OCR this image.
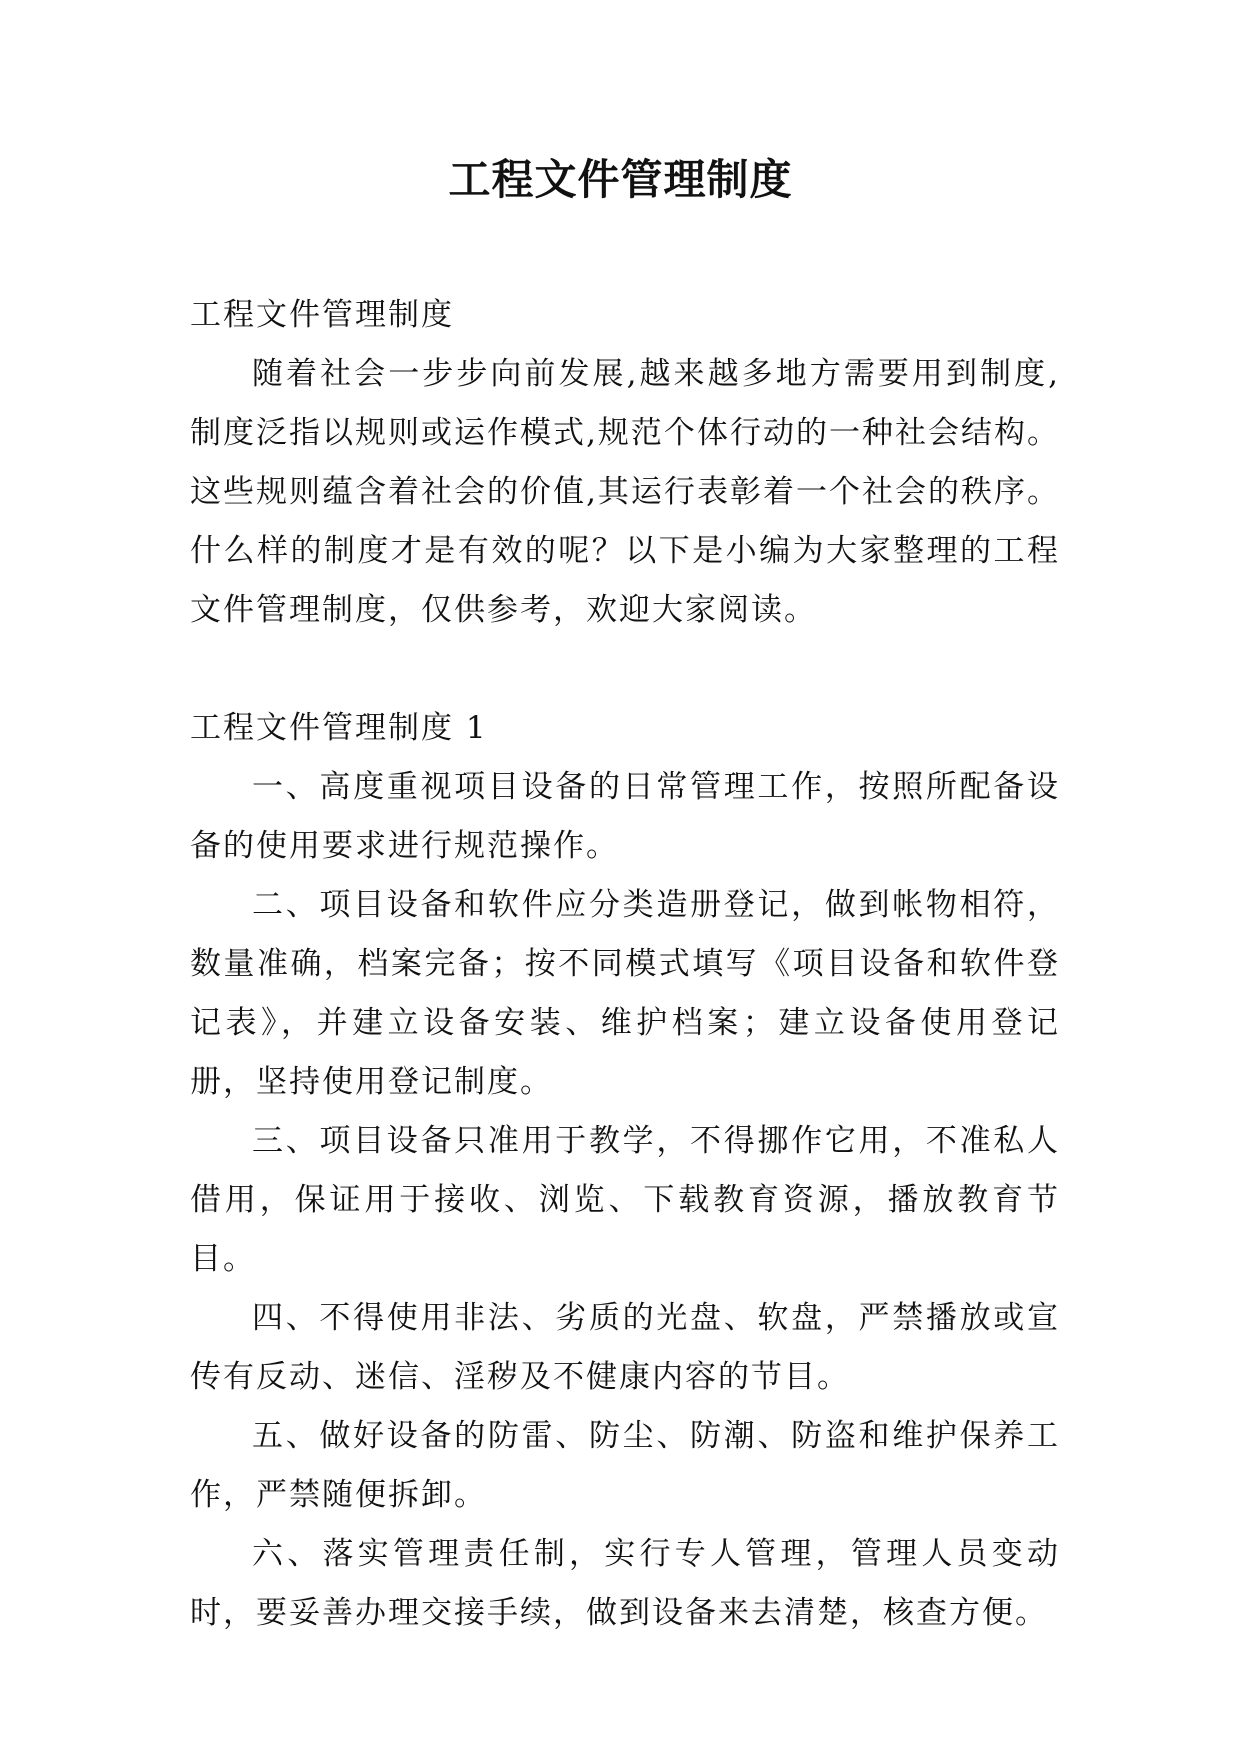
工程文件管理制度

工程文件管理制度

随着社会一步步向前发展,越来越多地方需要用到制度,制度泛指以规则或运作模式,规范个体行动的一种社会结构。这些规则蕴含着社会的价值,其运行表彰着一个社会的秩序。什么样的制度才是有效的呢？以下是小编为大家整理的工程文件管理制度，仅供参考，欢迎大家阅读。

工程文件管理制度 1

一、高度重视项目设备的日常管理工作，按照所配备设备的使用要求进行规范操作。

二、项目设备和软件应分类造册登记，做到帐物相符，数量准确，档案完备；按不同模式填写《项目设备和软件登记表》，并建立设备安装、维护档案；建立设备使用登记册，坚持使用登记制度。

三、项目设备只准用于教学，不得挪作它用，不准私人借用，保证用于接收、浏览、下载教育资源，播放教育节目。

四、不得使用非法、劣质的光盘、软盘，严禁播放或宣传有反动、迷信、淫秽及不健康内容的节目。

五、做好设备的防雷、防尘、防潮、防盗和维护保养工作，严禁随便拆卸。

六、落实管理责任制，实行专人管理，管理人员变动时，要妥善办理交接手续，做到设备来去清楚，核查方便。
